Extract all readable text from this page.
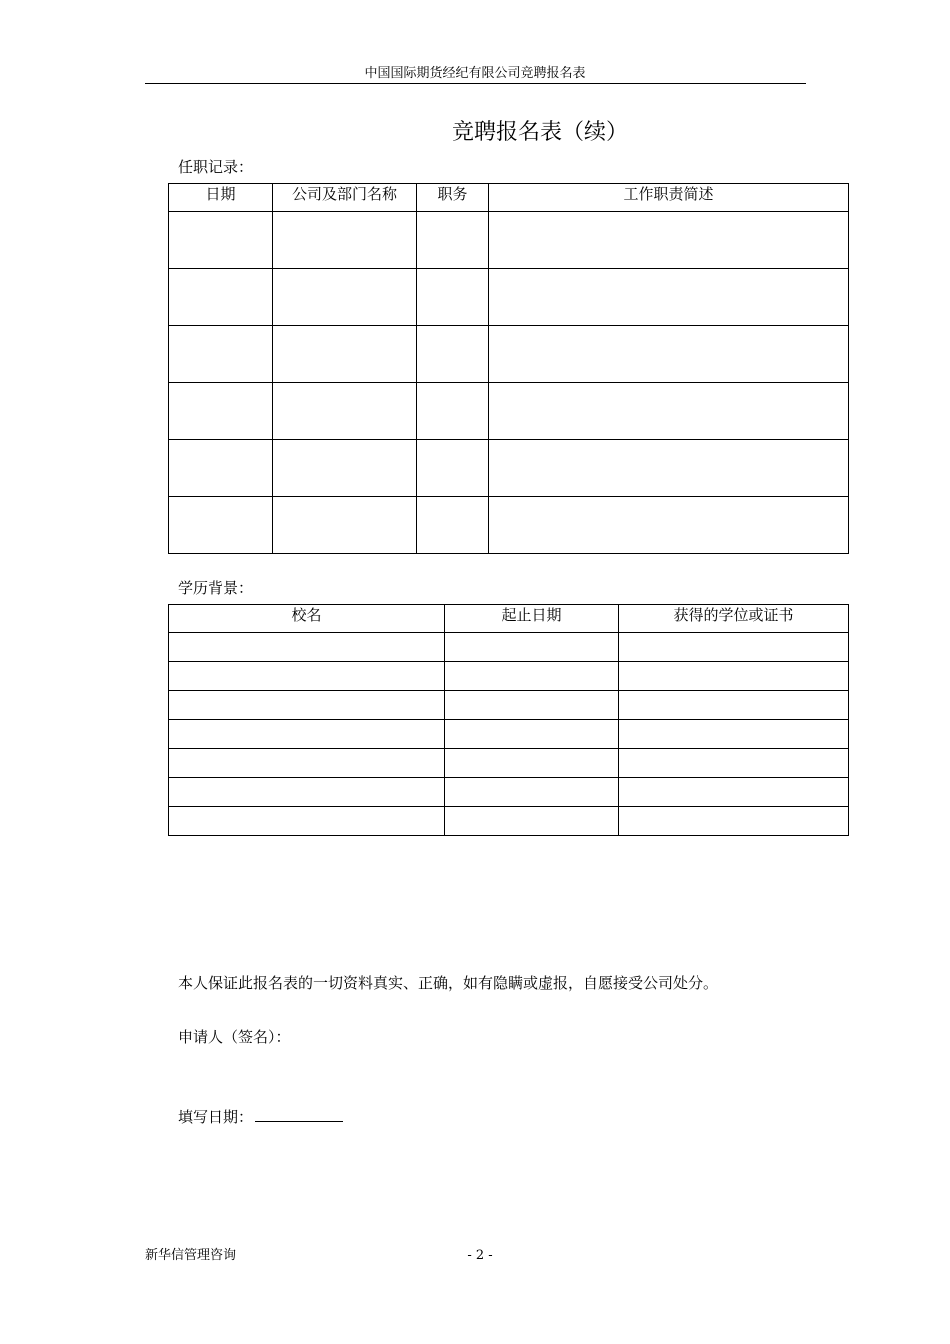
中国国际期货经纪有限公司竞聘报名表
竞聘报名表（续）
任职记录：
日期	公司及部门名称	职务	工作职责简述

学历背景：
校名	起止日期	获得的学位或证书

本人保证此报名表的一切资料真实、正确，如有隐瞒或虚报，自愿接受公司处分。
申请人（签名）：
填写日期：
新华信管理咨询	- 2 -
